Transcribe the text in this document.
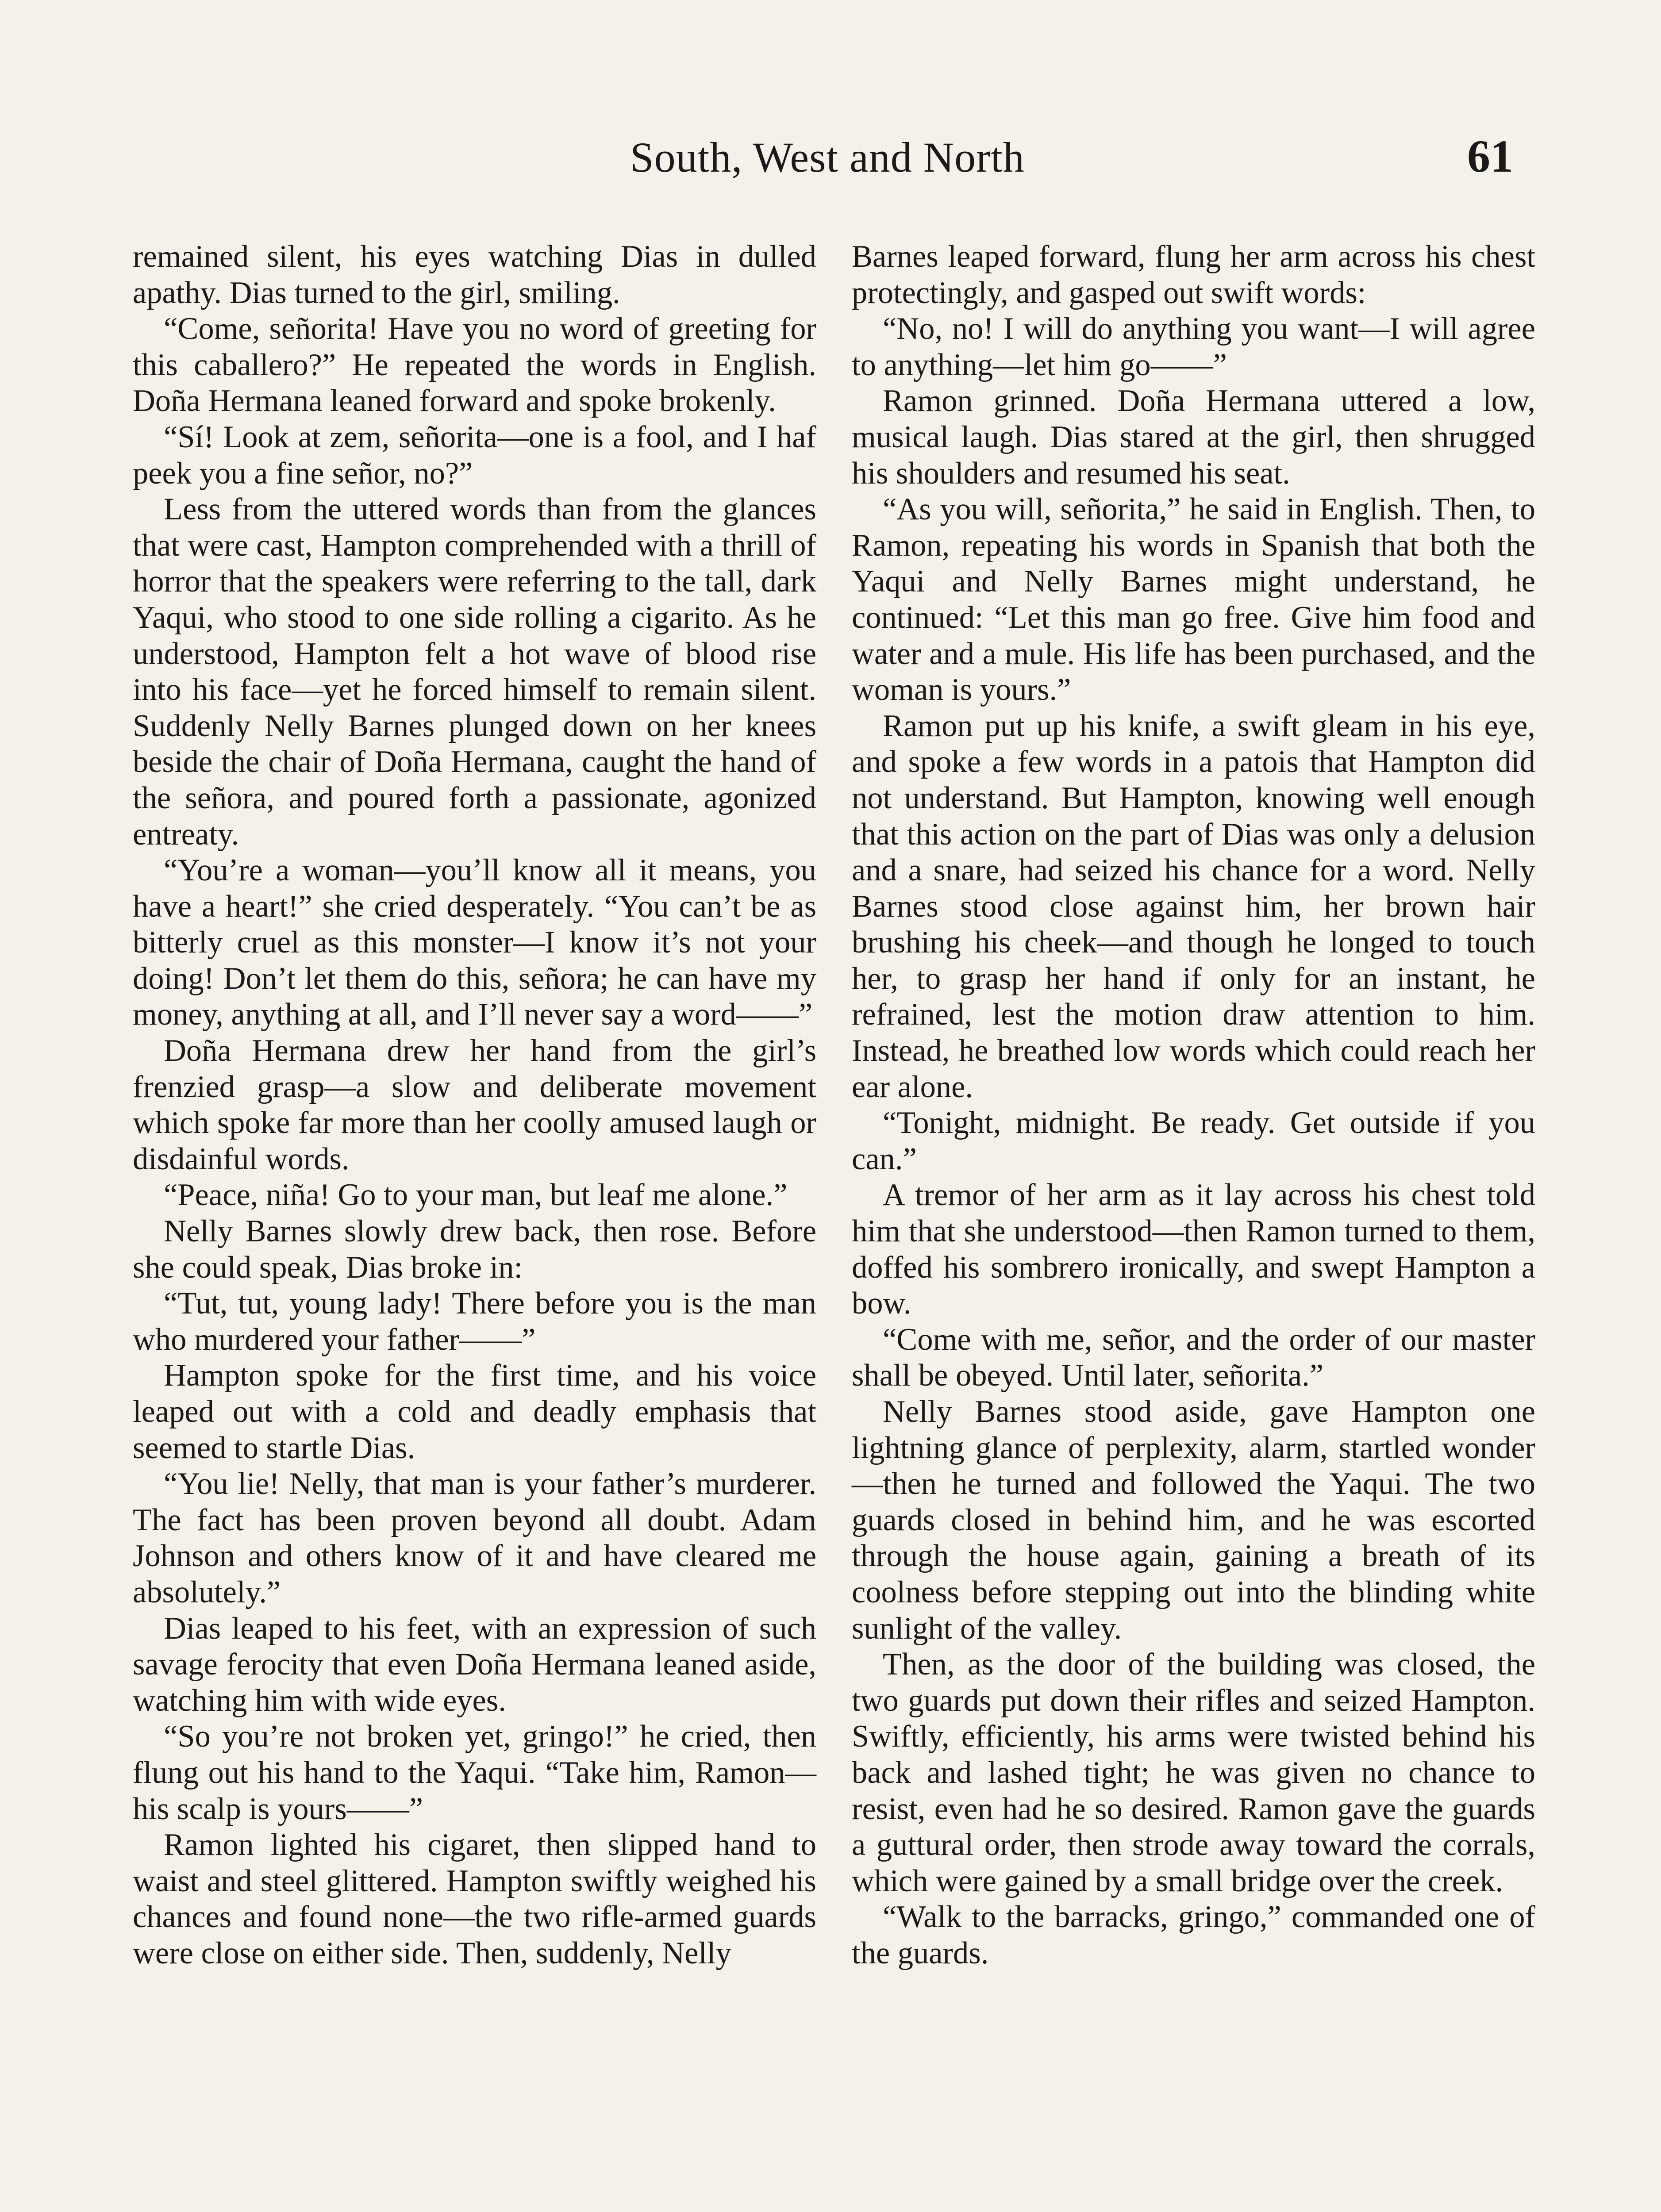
South, West and North	61

remained silent, his eyes watching Dias in dulled apathy. Dias turned to the girl, smiling.

“Come, señorita! Have you no word of greeting for this caballero?” He repeated the words in English. Doña Hermana leaned forward and spoke brokenly.

“Sí! Look at zem, señorita—one is a fool, and I haf peek you a fine señor, no?”

Less from the uttered words than from the glances that were cast, Hampton comprehended with a thrill of horror that the speakers were referring to the tall, dark Yaqui, who stood to one side rolling a cigarito. As he understood, Hampton felt a hot wave of blood rise into his face—yet he forced himself to remain silent. Suddenly Nelly Barnes plunged down on her knees beside the chair of Doña Hermana, caught the hand of the señora, and poured forth a passionate, agonized entreaty.

“You’re a woman—you’ll know all it means, you have a heart!” she cried desperately. “You can’t be as bitterly cruel as this monster—I know it’s not your doing! Don’t let them do this, señora; he can have my money, anything at all, and I’ll never say a word——”

Doña Hermana drew her hand from the girl’s frenzied grasp—a slow and deliberate movement which spoke far more than her coolly amused laugh or disdainful words.

“Peace, niña! Go to your man, but leaf me alone.”

Nelly Barnes slowly drew back, then rose. Before she could speak, Dias broke in:

“Tut, tut, young lady! There before you is the man who murdered your father——”

Hampton spoke for the first time, and his voice leaped out with a cold and deadly emphasis that seemed to startle Dias.

“You lie! Nelly, that man is your father’s murderer. The fact has been proven beyond all doubt. Adam Johnson and others know of it and have cleared me absolutely.”

Dias leaped to his feet, with an expression of such savage ferocity that even Doña Hermana leaned aside, watching him with wide eyes.

“So you’re not broken yet, gringo!” he cried, then flung out his hand to the Yaqui. “Take him, Ramon—his scalp is yours——”

Ramon lighted his cigaret, then slipped hand to waist and steel glittered. Hampton swiftly weighed his chances and found none—the two rifle-armed guards were close on either side. Then, suddenly, Nelly

Barnes leaped forward, flung her arm across his chest protectingly, and gasped out swift words:

“No, no! I will do anything you want—I will agree to anything—let him go——”

Ramon grinned. Doña Hermana uttered a low, musical laugh. Dias stared at the girl, then shrugged his shoulders and resumed his seat.

“As you will, señorita,” he said in English. Then, to Ramon, repeating his words in Spanish that both the Yaqui and Nelly Barnes might understand, he continued: “Let this man go free. Give him food and water and a mule. His life has been purchased, and the woman is yours.”

Ramon put up his knife, a swift gleam in his eye, and spoke a few words in a patois that Hampton did not understand. But Hampton, knowing well enough that this action on the part of Dias was only a delusion and a snare, had seized his chance for a word. Nelly Barnes stood close against him, her brown hair brushing his cheek—and though he longed to touch her, to grasp her hand if only for an instant, he refrained, lest the motion draw attention to him. Instead, he breathed low words which could reach her ear alone.

“Tonight, midnight. Be ready. Get outside if you can.”

A tremor of her arm as it lay across his chest told him that she understood—then Ramon turned to them, doffed his sombrero ironically, and swept Hampton a bow.

“Come with me, señor, and the order of our master shall be obeyed. Until later, señorita.”

Nelly Barnes stood aside, gave Hampton one lightning glance of perplexity, alarm, startled wonder—then he turned and followed the Yaqui. The two guards closed in behind him, and he was escorted through the house again, gaining a breath of its coolness before stepping out into the blinding white sunlight of the valley.

Then, as the door of the building was closed, the two guards put down their rifles and seized Hampton. Swiftly, efficiently, his arms were twisted behind his back and lashed tight; he was given no chance to resist, even had he so desired. Ramon gave the guards a guttural order, then strode away toward the corrals, which were gained by a small bridge over the creek.

“Walk to the barracks, gringo,” commanded one of the guards.
